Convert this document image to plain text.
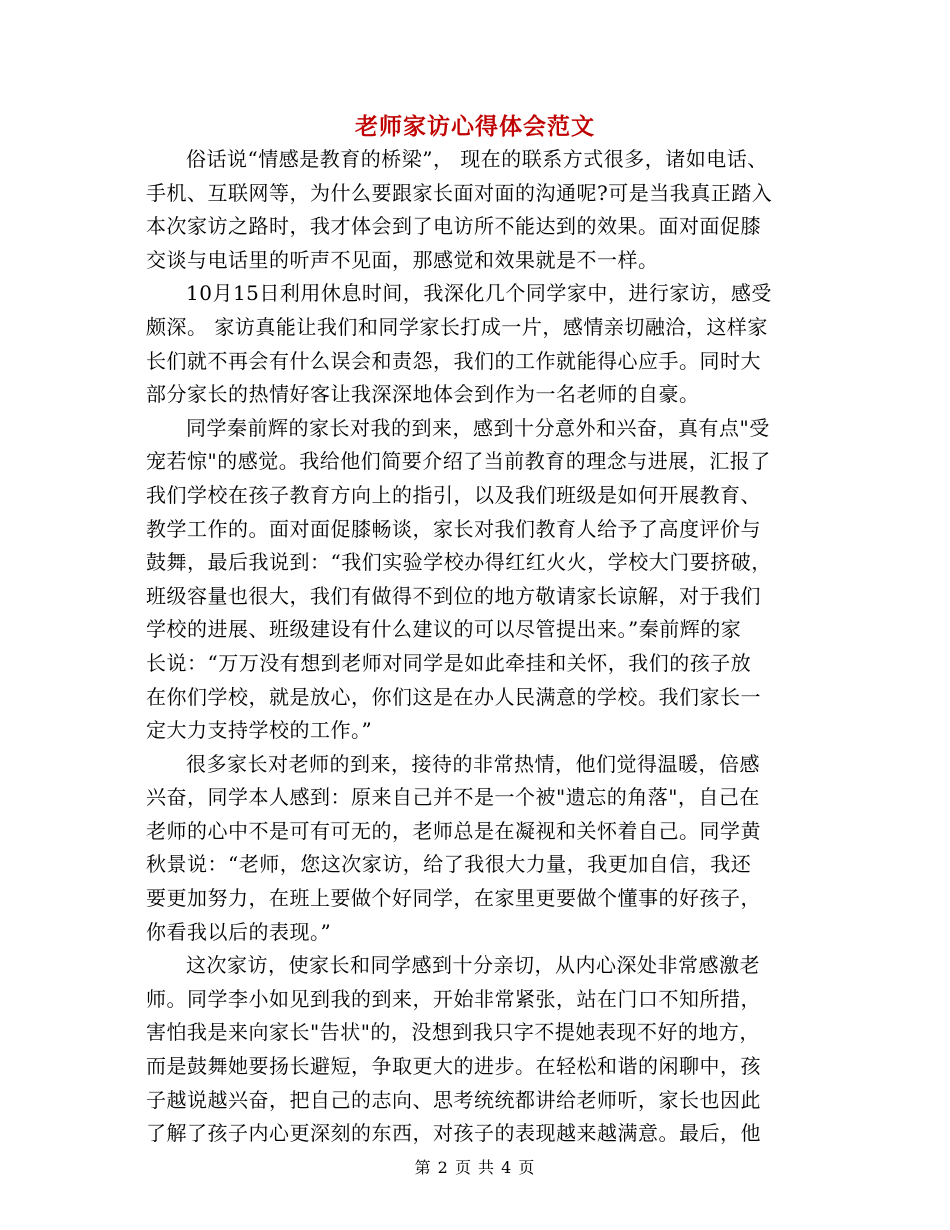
老师家访心得体会范文
俗话说“情感是教育的桥梁”， 现在的联系方式很多，诸如电话、
手机、互联网等，为什么要跟家长面对面的沟通呢?可是当我真正踏入
本次家访之路时，我才体会到了电访所不能达到的效果。面对面促膝
交谈与电话里的听声不见面，那感觉和效果就是不一样。
10月15日利用休息时间，我深化几个同学家中，进行家访，感受
颇深。 家访真能让我们和同学家长打成一片，感情亲切融洽，这样家
长们就不再会有什么误会和责怨，我们的工作就能得心应手。同时大
部分家长的热情好客让我深深地体会到作为一名老师的自豪。
同学秦前辉的家长对我的到来，感到十分意外和兴奋，真有点"受
宠若惊"的感觉。我给他们简要介绍了当前教育的理念与进展，汇报了
我们学校在孩子教育方向上的指引，以及我们班级是如何开展教育、
教学工作的。面对面促膝畅谈，家长对我们教育人给予了高度评价与
鼓舞，最后我说到：“我们实验学校办得红红火火，学校大门要挤破，
班级容量也很大，我们有做得不到位的地方敬请家长谅解，对于我们
学校的进展、班级建设有什么建议的可以尽管提出来。”秦前辉的家
长说：“万万没有想到老师对同学是如此牵挂和关怀，我们的孩子放
在你们学校，就是放心，你们这是在办人民满意的学校。我们家长一
定大力支持学校的工作。”
很多家长对老师的到来，接待的非常热情，他们觉得温暖，倍感
兴奋，同学本人感到：原来自己并不是一个被"遗忘的角落"，自己在
老师的心中不是可有可无的，老师总是在凝视和关怀着自己。同学黄
秋景说：“老师，您这次家访，给了我很大力量，我更加自信，我还
要更加努力，在班上要做个好同学，在家里更要做个懂事的好孩子，
你看我以后的表现。”
这次家访，使家长和同学感到十分亲切，从内心深处非常感激老
师。同学李小如见到我的到来，开始非常紧张，站在门口不知所措，
害怕我是来向家长"告状"的，没想到我只字不提她表现不好的地方，
而是鼓舞她要扬长避短，争取更大的进步。在轻松和谐的闲聊中，孩
子越说越兴奋，把自己的志向、思考统统都讲给老师听，家长也因此
了解了孩子内心更深刻的东西，对孩子的表现越来越满意。最后，他
第 2 页 共 4 页
